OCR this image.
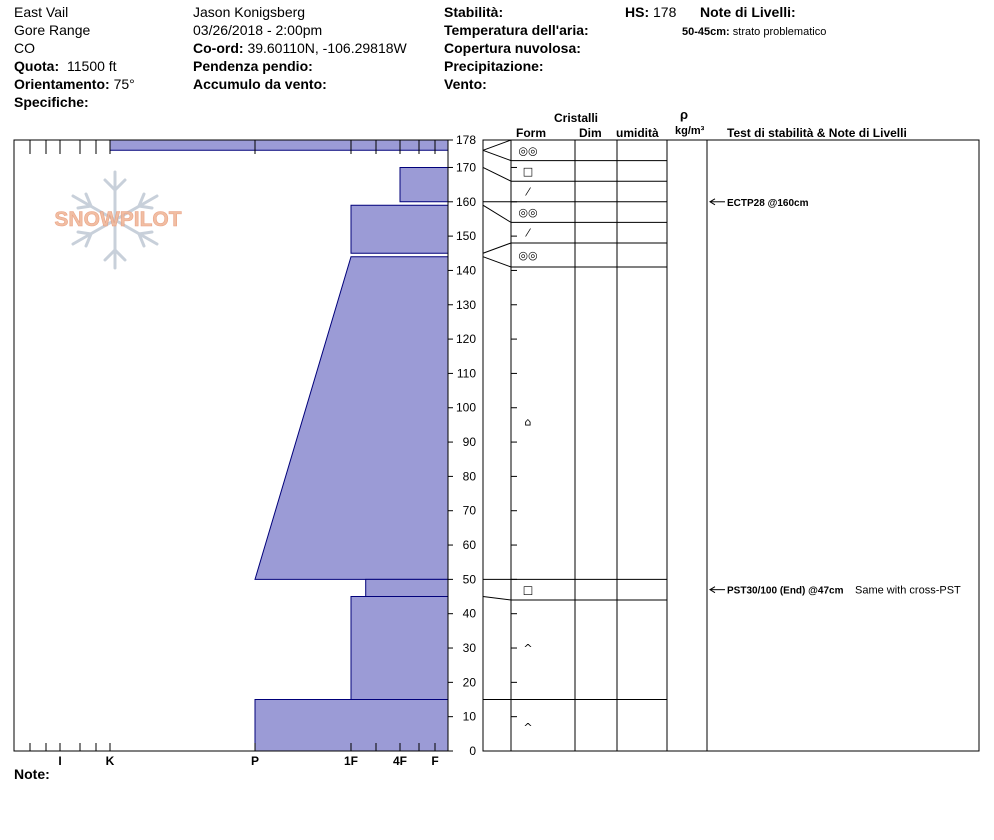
East Vail
Gore Range
CO
Quota: 11500 ft
Orientamento: 75°
Specifiche:
Jason Konigsberg
03/26/2018 - 2:00pm
Co-ord: 39.60110N, -106.29818W
Pendenza pendio:
Accumulo da vento:
Stabilità:
Temperatura dell'aria:
Copertura nuvolosa:
Precipitazione:
Vento:
HS: 178 Note di Livelli:
50-45cm: strato problematico
Cristalli
Form	Dim umidità
ρ
kg/m³ Test di stabilità & Note di Livelli
Note:
SNOWPILOT
I	K	P	1F	4F F
0
10
20
30
40
50
60
70
80
90
100
110
120
130
140
150
160
170
178
◎◎
□
⁄
◎◎
⁄
◎◎
⌂
□
^
^
ECTP28 @160cm
PST30/100 (End) @47cm Same with cross-PST
